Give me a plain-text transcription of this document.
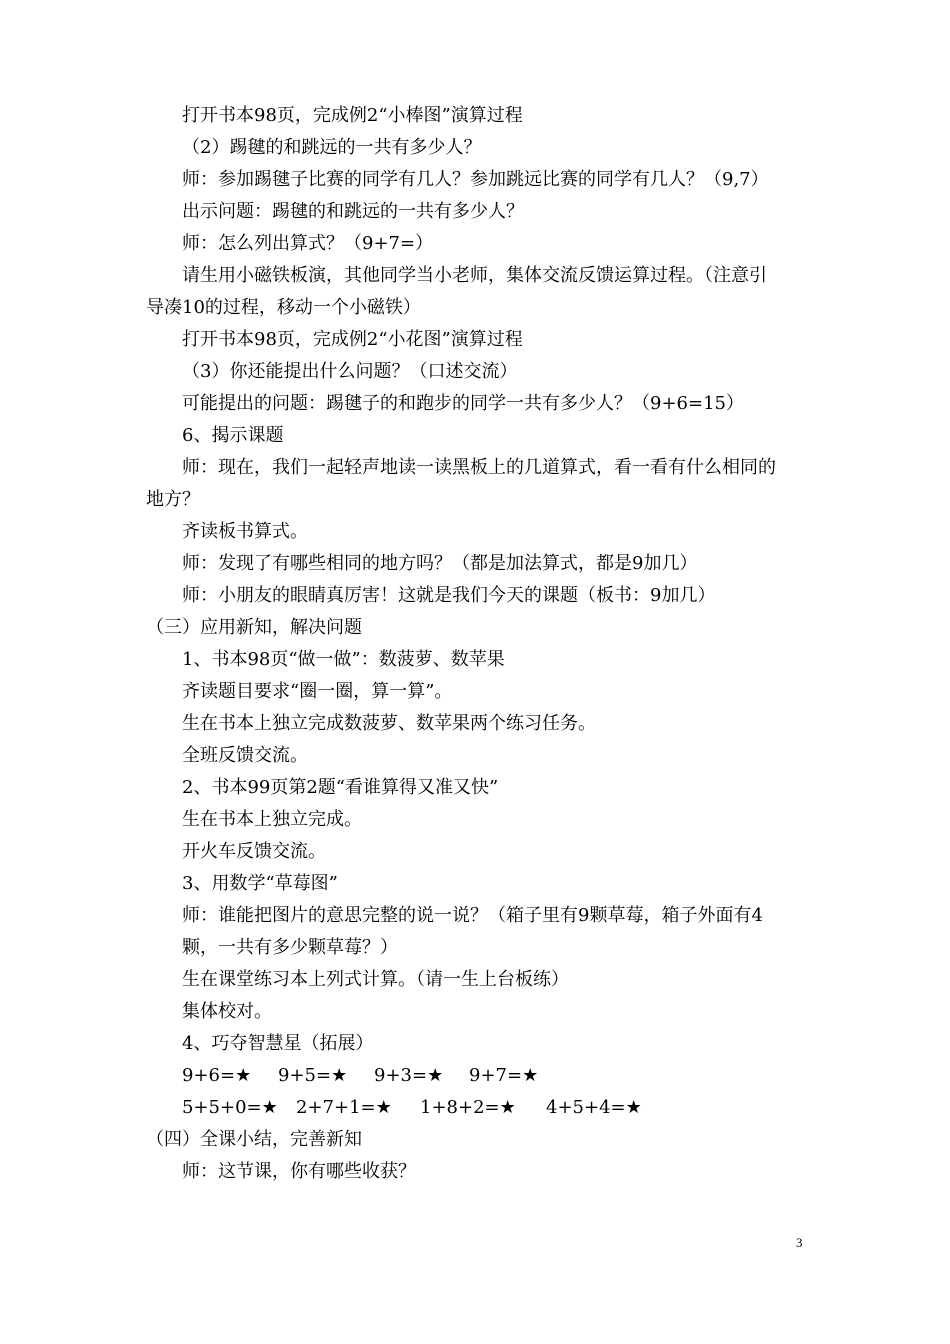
打开书本98页，完成例2“小棒图”演算过程
（2）踢毽的和跳远的一共有多少人？
师：参加踢毽子比赛的同学有几人？参加跳远比赛的同学有几人？（9,7）
出示问题：踢毽的和跳远的一共有多少人？
师：怎么列出算式？（9+7=）
请生用小磁铁板演，其他同学当小老师，集体交流反馈运算过程。（注意引
导凑10的过程，移动一个小磁铁）
打开书本98页，完成例2“小花图”演算过程
（3）你还能提出什么问题？（口述交流）
可能提出的问题：踢毽子的和跑步的同学一共有多少人？（9+6=15）
6、揭示课题
师：现在，我们一起轻声地读一读黑板上的几道算式，看一看有什么相同的
地方？
齐读板书算式。
师：发现了有哪些相同的地方吗？（都是加法算式，都是9加几）
师：小朋友的眼睛真厉害！这就是我们今天的课题（板书：9加几）
（三）应用新知，解决问题
1、书本98页“做一做”：数菠萝、数苹果
齐读题目要求“圈一圈，算一算”。
生在书本上独立完成数菠萝、数苹果两个练习任务。
全班反馈交流。
2、书本99页第2题“看谁算得又准又快”
生在书本上独立完成。
开火车反馈交流。
3、用数学“草莓图”
师：谁能把图片的意思完整的说一说？（箱子里有9颗草莓，箱子外面有4
颗，一共有多少颗草莓？）
生在课堂练习本上列式计算。（请一生上台板练）
集体校对。
4、巧夺智慧星（拓展）
9+6=★ 9+5=★ 9+3=★ 9+7=★
5+5+0=★ 2+7+1=★ 1+8+2=★ 4+5+4=★
（四）全课小结，完善新知
师：这节课，你有哪些收获？
3
